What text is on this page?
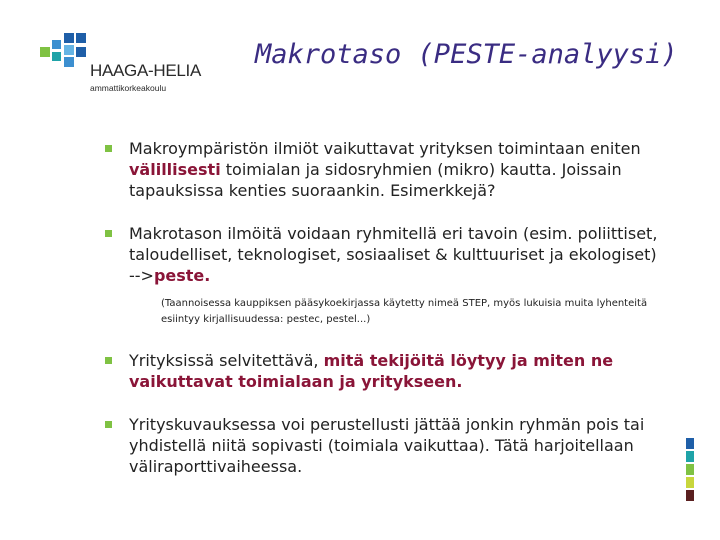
HAAGA-HELIA
ammattikorkeakoulu
Makrotaso (PESTE-analyysi)

Makroympäristön ilmiöt vaikuttavat yrityksen toimintaan eniten välillisesti toimialan ja sidosryhmien (mikro) kautta. Joissain tapauksissa kenties suoraankin. Esimerkkejä?

Makrotason ilmöitä voidaan ryhmitellä eri tavoin (esim. poliittiset, taloudelliset, teknologiset, sosiaaliset & kulttuuriset ja ekologiset) -->peste.

(Taannoisessa kauppiksen pääsykoekirjassa käytetty nimeä STEP, myös lukuisia muita lyhenteitä esiintyy kirjallisuudessa: pestec, pestel...)

Yrityksissä selvitettävä, mitä tekijöitä löytyy ja miten ne vaikuttavat toimialaan ja yritykseen.

Yrityskuvauksessa voi perustellusti jättää jonkin ryhmän pois tai yhdistellä niitä sopivasti (toimiala vaikuttaa). Tätä harjoitellaan väliraporttivaiheessa.
